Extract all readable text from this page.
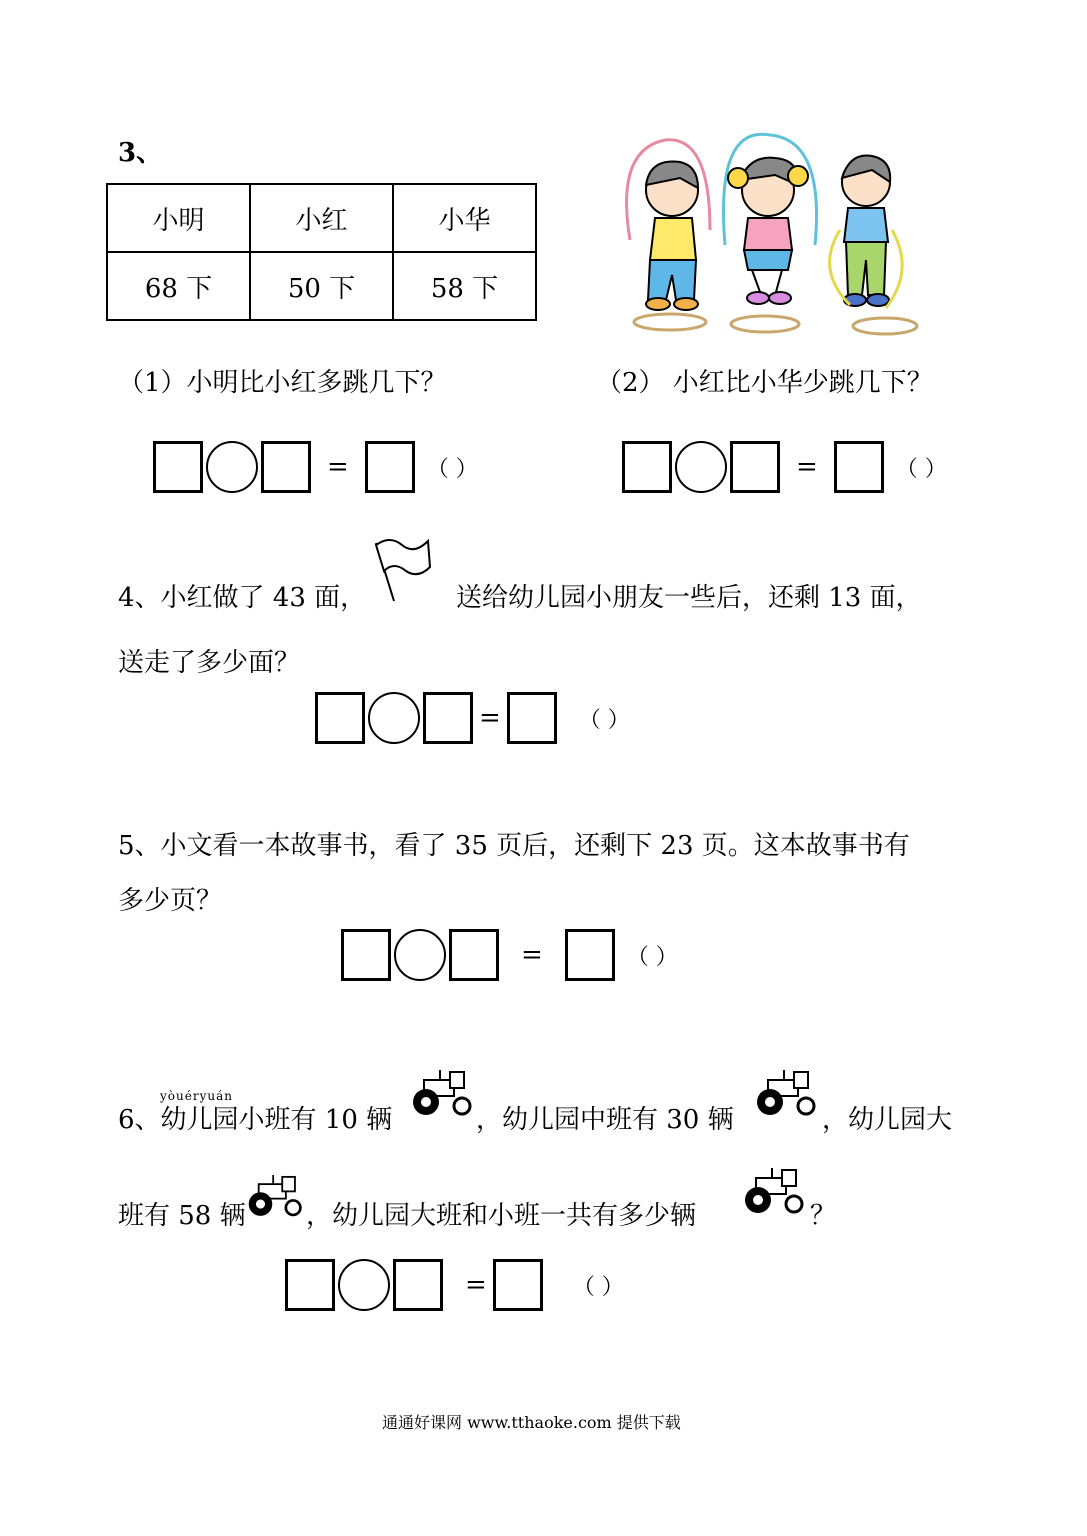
3、
小明	小红	小华
68 下	50 下	58 下
（1）小明比小红多跳几下？	（2） 小红比小华少跳几下？
=	（ ）	=	（ ）
4、小红做了 43 面，	送给幼儿园小朋友一些后，还剩 13 面，
送走了多少面？
=	（ ）
5、小文看一本故事书，看了 35 页后，还剩下 23 页。这本故事书有
多少页？
=	（ ）
yòuéryuán
6、幼儿园小班有 10 辆	，幼儿园中班有 30 辆	，幼儿园大
班有 58 辆 ，幼儿园大班和小班一共有多少辆	？
=	（ ）
通通好课网 www.tthaoke.com 提供下载
